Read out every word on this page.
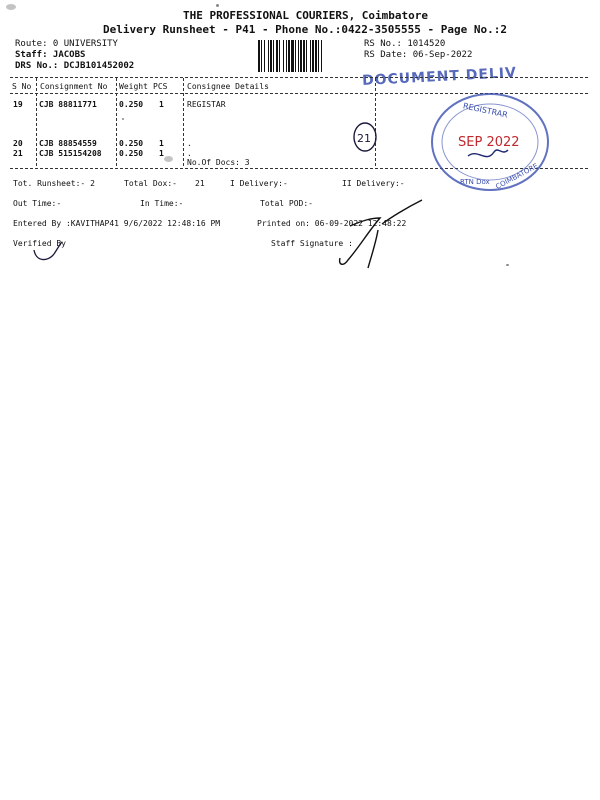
THE PROFESSIONAL COURIERS, Coimbatore
Delivery Runsheet - P41 - Phone No.:0422-3505555 - Page No.:2
Route: 0 UNIVERSITY
Staff: JACOBS
DRS No.: DCJB101452002
RS No.: 1014520
RS Date: 06-Sep-2022
DOCUMENT DELIV
S No Consignment No Weight PCS Consignee Details
19 CJB 88811771	0.250 1	REGISTAR
20 CJB 88854559	0.250 1	.
21 CJB 515154208 0.250 1	.
No.Of Docs: 3
21
REGISTRAR
SEP 2022
COIMBATORE
RTN Dox
Tot. Runsheet:- 2	Total Dox:- 21	I Delivery:-	II Delivery:-
Out Time:-	In Time:-	Total POD:-
Entered By :KAVITHAP41 9/6/2022 12:48:16 PM	Printed on: 06-09-2022 12:48:22
Verified By	Staff Signature :
